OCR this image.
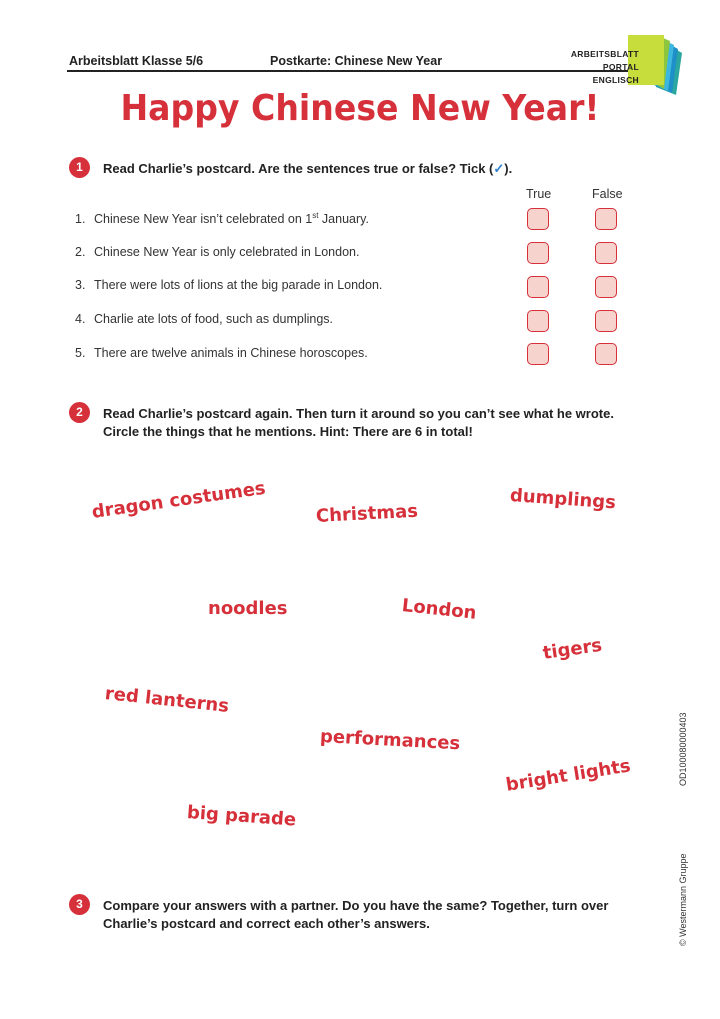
Arbeitsblatt Klasse 5/6	Postkarte: Chinese New Year	ARBEITSBLATT
PORTAL
ENGLISCH
Happy Chinese New Year!
1	Read Charlie’s postcard. Are the sentences true or false? Tick (✓).
True	False
1. Chinese New Year isn’t celebrated on 1st January.
2. Chinese New Year is only celebrated in London.
3. There were lots of lions at the big parade in London.
4. Charlie ate lots of food, such as dumplings.
5. There are twelve animals in Chinese horoscopes.
2	Read Charlie’s postcard again. Then turn it around so you can’t see what he wrote.
Circle the things that he mentions. Hint: There are 6 in total!
dragon costumes	Christmas
dumplings
noodles	London
tigers
red lanterns
performances
bright lights
big parade
3	Compare your answers with a partner. Do you have the same? Together, turn over
Charlie’s postcard and correct each other’s answers.
OD100080000403
© Westermann Gruppe
